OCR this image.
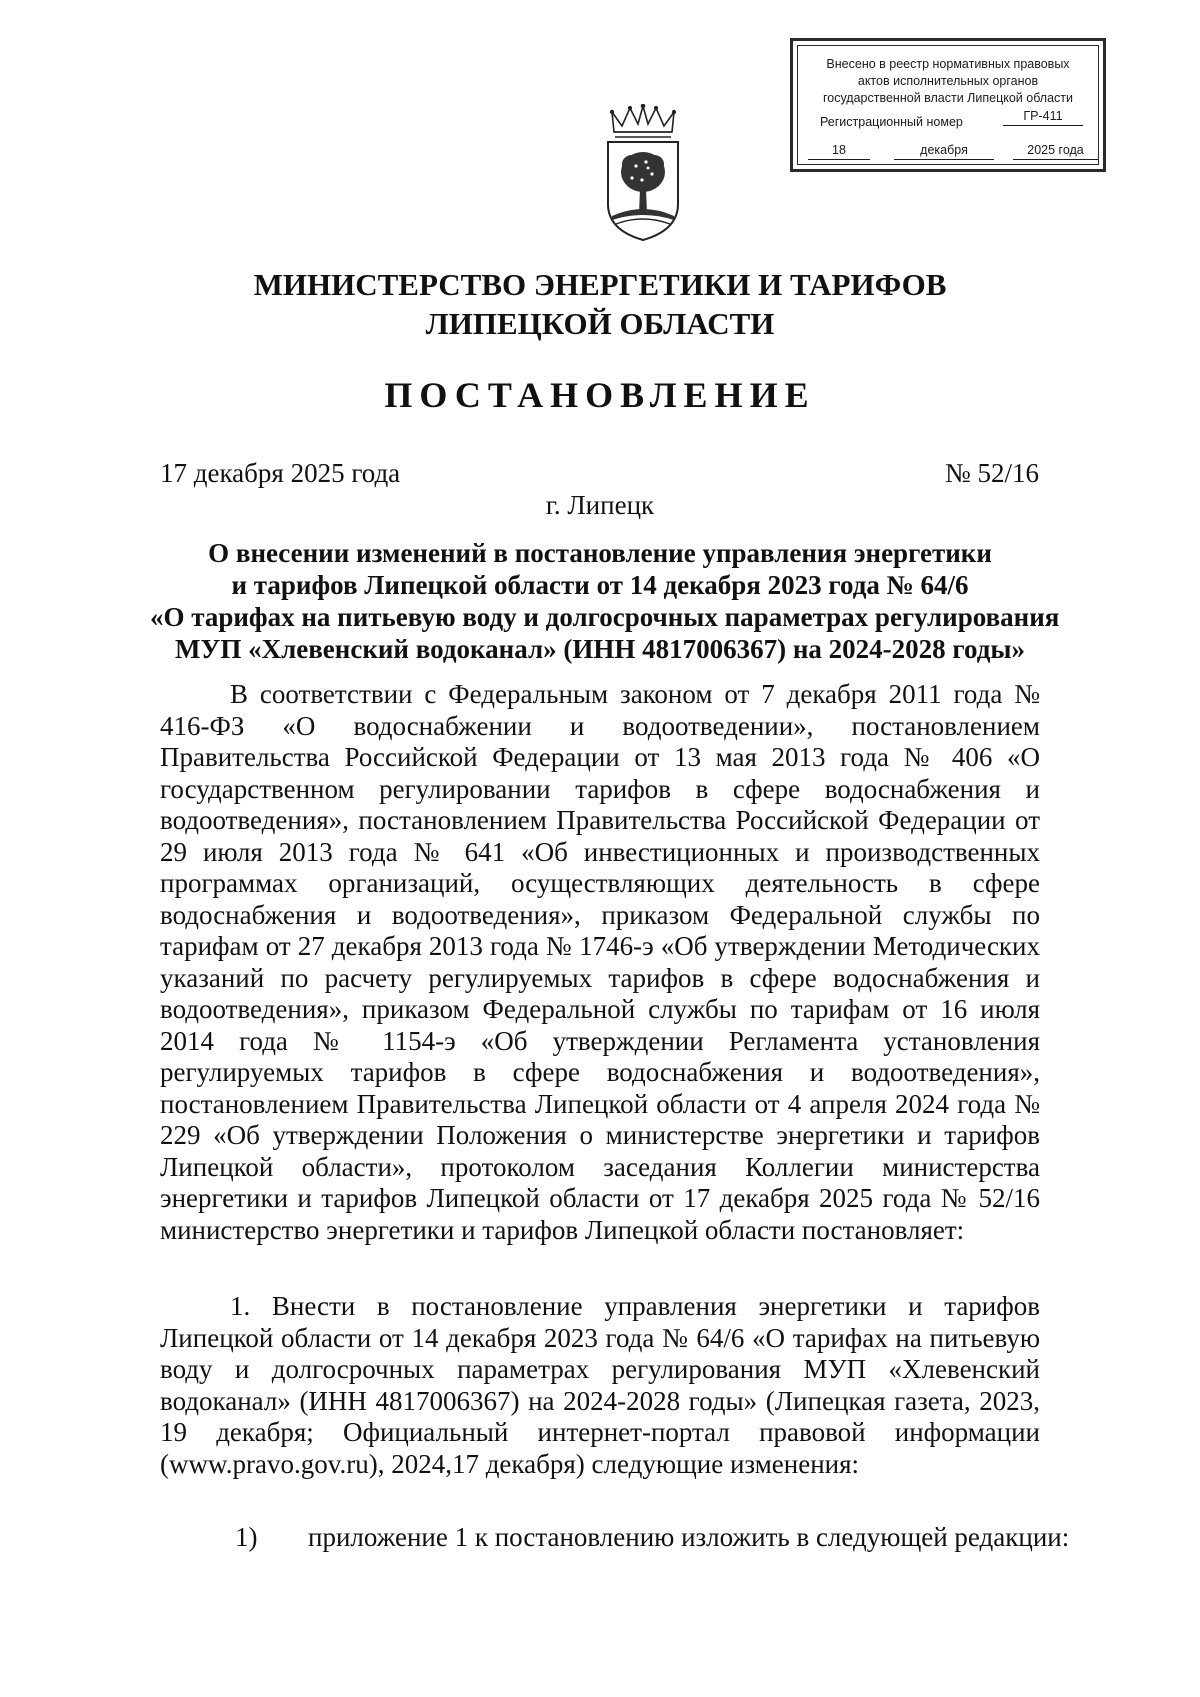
Внесено в реестр нормативных правовых
актов исполнительных органов
государственной власти Липецкой области
Регистрационный номер	ГР-411
18	декабря	2025 года
МИНИСТЕРСТВО ЭНЕРГЕТИКИ И ТАРИФОВ
ЛИПЕЦКОЙ ОБЛАСТИ
ПОСТАНОВЛЕНИЕ
17 декабря 2025 года	№ 52/16
г. Липецк
О внесении изменений в постановление управления энергетики
и тарифов Липецкой области от 14 декабря 2023 года № 64/6
«О тарифах на питьевую воду и долгосрочных параметрах регулирования
МУП «Хлевенский водоканал» (ИНН 4817006367) на 2024-2028 годы»

В соответствии с Федеральным законом от 7 декабря 2011 года № 416-ФЗ «О водоснабжении и водоотведении», постановлением Правительства Российской Федерации от 13 мая 2013 года № 406 «О государственном регулировании тарифов в сфере водоснабжения и водоотведения», постановлением Правительства Российской Федерации от 29 июля 2013 года № 641 «Об инвестиционных и производственных программах организаций, осуществляющих деятельность в сфере водоснабжения и водоотведения», приказом Федеральной службы по тарифам от 27 декабря 2013 года № 1746-э «Об утверждении Методических указаний по расчету регулируемых тарифов в сфере водоснабжения и водоотведения», приказом Федеральной службы по тарифам от 16 июля 2014 года № 1154-э «Об утверждении Регламента установления регулируемых тарифов в сфере водоснабжения и водоотведения», постановлением Правительства Липецкой области от 4 апреля 2024 года № 229 «Об утверждении Положения о министерстве энергетики и тарифов Липецкой области», протоколом заседания Коллегии министерства энергетики и тарифов Липецкой области от 17 декабря 2025 года № 52/16 министерство энергетики и тарифов Липецкой области постановляет:

1. Внести в постановление управления энергетики и тарифов Липецкой области от 14 декабря 2023 года № 64/6 «О тарифах на питьевую воду и долгосрочных параметрах регулирования МУП «Хлевенский водоканал» (ИНН 4817006367) на 2024-2028 годы» (Липецкая газета, 2023, 19 декабря; Официальный интернет-портал правовой информации (www.pravo.gov.ru), 2024,17 декабря) следующие изменения:

1) приложение 1 к постановлению изложить в следующей редакции:
